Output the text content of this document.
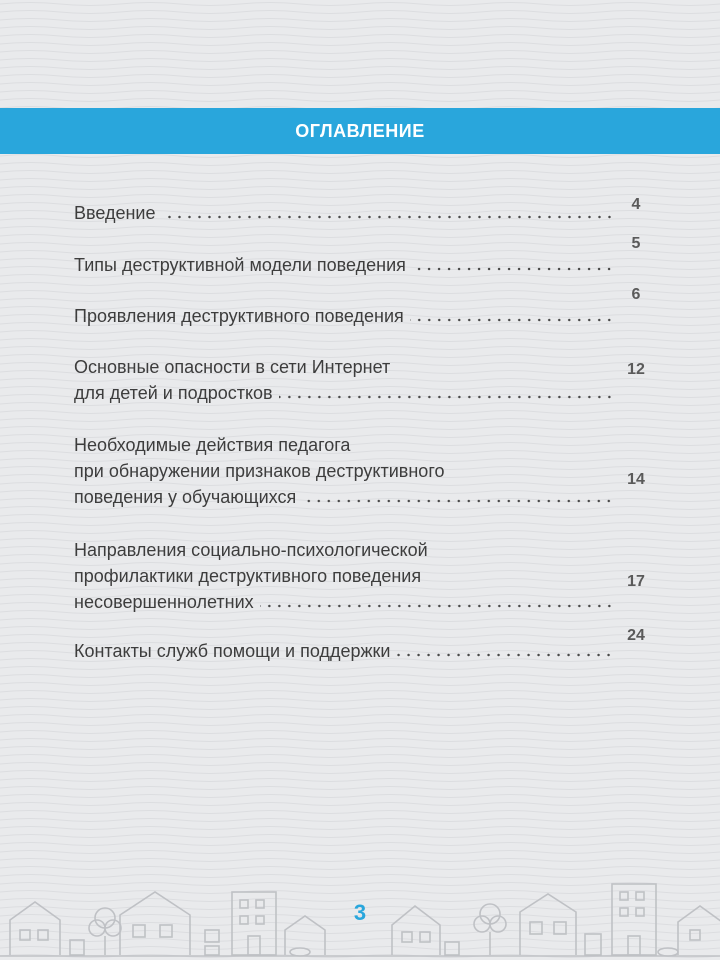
ОГЛАВЛЕНИЕ
Введение	4
Типы деструктивной модели поведения
5
Проявления деструктивного поведения
6
Основные опасности в сети Интернет
для детей и подростков
12
Необходимые действия педагога
при обнаружении признаков деструктивного
поведения у обучающихся
14
Направления социально-психологической
профилактики деструктивного поведения
несовершеннолетних
17
Контакты служб помощи и поддержки
24
3
